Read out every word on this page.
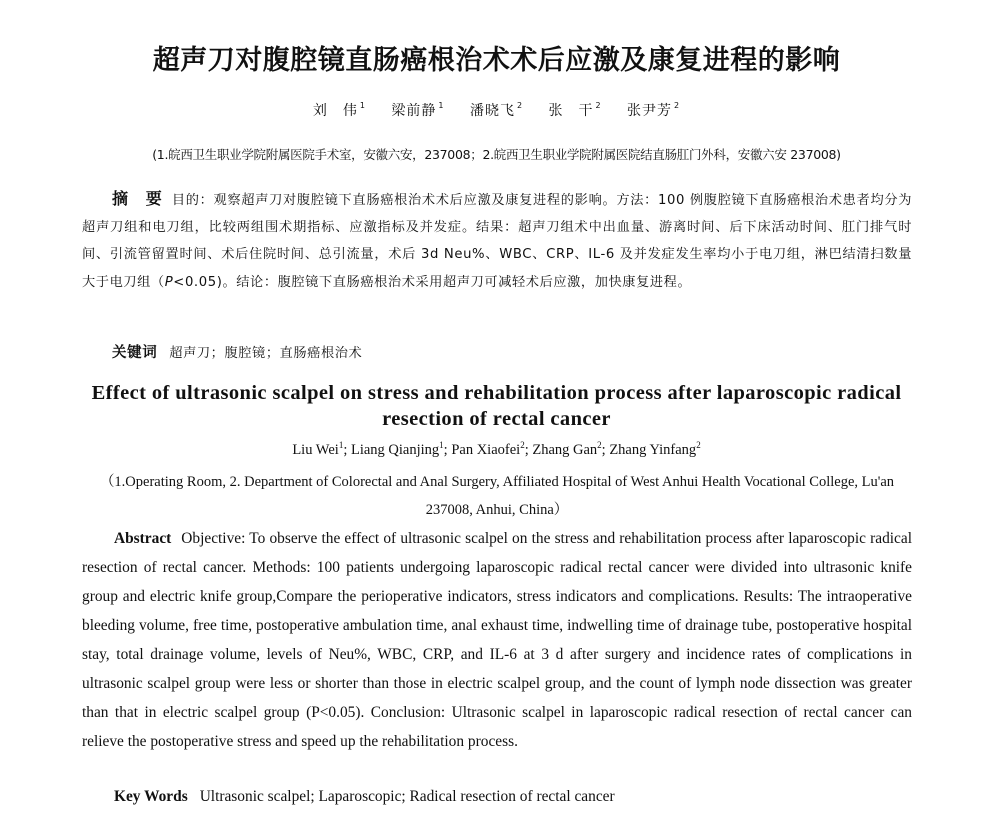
超声刀对腹腔镜直肠癌根治术术后应激及康复进程的影响
刘　伟 $^1$ 梁前静 $^1$ 潘晓飞 $^2$ 张　干 $^2$ 张尹芳 $^2$
(1.皖西卫生职业学院附属医院手术室，安徽六安，237008；2.皖西卫生职业学院附属医院结直肠肛门外科，安徽六安 237008)
摘 要 目的：观察超声刀对腹腔镜下直肠癌根治术术后应激及康复进程的影响。方法：100 例腹腔镜下直肠癌根治术患者均分为超声刀组和电刀组，比较两组围术期指标、应激指标及并发症。结果：超声刀组术中出血量、游离时间、后下床活动时间、肛门排气时间、引流管留置时间、术后住院时间、总引流量，术后 3d Neu%、WBC、CRP、IL-6 及并发症发生率均小于电刀组，淋巴结清扫数量大于电刀组（P<0.05)。结论：腹腔镜下直肠癌根治术采用超声刀可减轻术后应激，加快康复进程。
关键词 超声刀；腹腔镜；直肠癌根治术
Effect of ultrasonic scalpel on stress and rehabilitation process after laparoscopic radical resection of rectal cancer
Liu Wei$^1$; Liang Qianjing$^1$; Pan Xiaofei$^2$; Zhang Gan$^2$; Zhang Yinfang$^2$
（1.Operating Room, 2. Department of Colorectal and Anal Surgery, Affiliated Hospital of West Anhui Health Vocational College, Lu'an 237008, Anhui, China）
Abstract Objective: To observe the effect of ultrasonic scalpel on the stress and rehabilitation process after laparoscopic radical resection of rectal cancer. Methods: 100 patients undergoing laparoscopic radical rectal cancer were divided into ultrasonic knife group and electric knife group,Compare the perioperative indicators, stress indicators and complications. Results: The intraoperative bleeding volume, free time, postoperative ambulation time, anal exhaust time, indwelling time of drainage tube, postoperative hospital stay, total drainage volume, levels of Neu%, WBC, CRP, and IL-6 at 3 d after surgery and incidence rates of complications in ultrasonic scalpel group were less or shorter than those in electric scalpel group, and the count of lymph node dissection was greater than that in electric scalpel group (P<0.05). Conclusion: Ultrasonic scalpel in laparoscopic radical resection of rectal cancer can relieve the postoperative stress and speed up the rehabilitation process.
Key Words Ultrasonic scalpel; Laparoscopic; Radical resection of rectal cancer
